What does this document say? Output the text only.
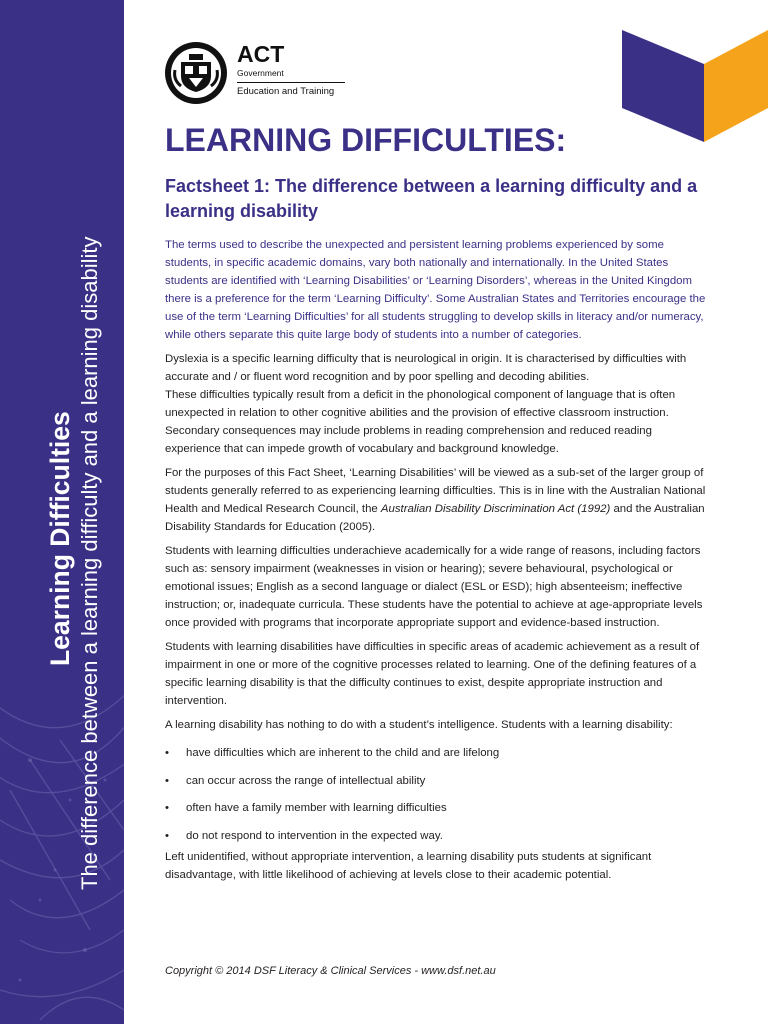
Learning Difficulties The difference between a learning difficulty and a learning disability
ACT
Government
Education and Training
LEARNING DIFFICULTIES:
Factsheet 1: The difference between a learning difficulty and a learning disability

The terms used to describe the unexpected and persistent learning problems experienced by some students, in specific academic domains, vary both nationally and internationally. In the United States students are identified with ‘Learning Disabilities’ or ‘Learning Disorders’, whereas in the United Kingdom there is a preference for the term ‘Learning Difficulty’. Some Australian States and Territories encourage the use of the term ‘Learning Difficulties’ for all students struggling to develop skills in literacy and/or numeracy, while others separate this quite large body of students into a number of categories.

Dyslexia is a specific learning difficulty that is neurological in origin. It is characterised by difficulties with accurate and / or fluent word recognition and by poor spelling and decoding abilities.

These difficulties typically result from a deficit in the phonological component of language that is often unexpected in relation to other cognitive abilities and the provision of effective classroom instruction. Secondary consequences may include problems in reading comprehension and reduced reading experience that can impede growth of vocabulary and background knowledge.

For the purposes of this Fact Sheet, ‘Learning Disabilities’ will be viewed as a sub-set of the larger group of students generally referred to as experiencing learning difficulties. This is in line with the Australian National Health and Medical Research Council, the Australian Disability Discrimination Act (1992) and the Australian Disability Standards for Education (2005).

Students with learning difficulties underachieve academically for a wide range of reasons, including factors such as: sensory impairment (weaknesses in vision or hearing); severe behavioural, psychological or emotional issues; English as a second language or dialect (ESL or ESD); high absenteeism; ineffective instruction; or, inadequate curricula. These students have the potential to achieve at age-appropriate levels once provided with programs that incorporate appropriate support and evidence-based instruction.

Students with learning disabilities have difficulties in specific areas of academic achievement as a result of impairment in one or more of the cognitive processes related to learning. One of the defining features of a specific learning disability is that the difficulty continues to exist, despite appropriate instruction and intervention.

A learning disability has nothing to do with a student’s intelligence. Students with a learning disability:

• have difficulties which are inherent to the child and are lifelong
• can occur across the range of intellectual ability
• often have a family member with learning difficulties
• do not respond to intervention in the expected way.

Left unidentified, without appropriate intervention, a learning disability puts students at significant disadvantage, with little likelihood of achieving at levels close to their academic potential.

Copyright © 2014 DSF Literacy & Clinical Services - www.dsf.net.au
